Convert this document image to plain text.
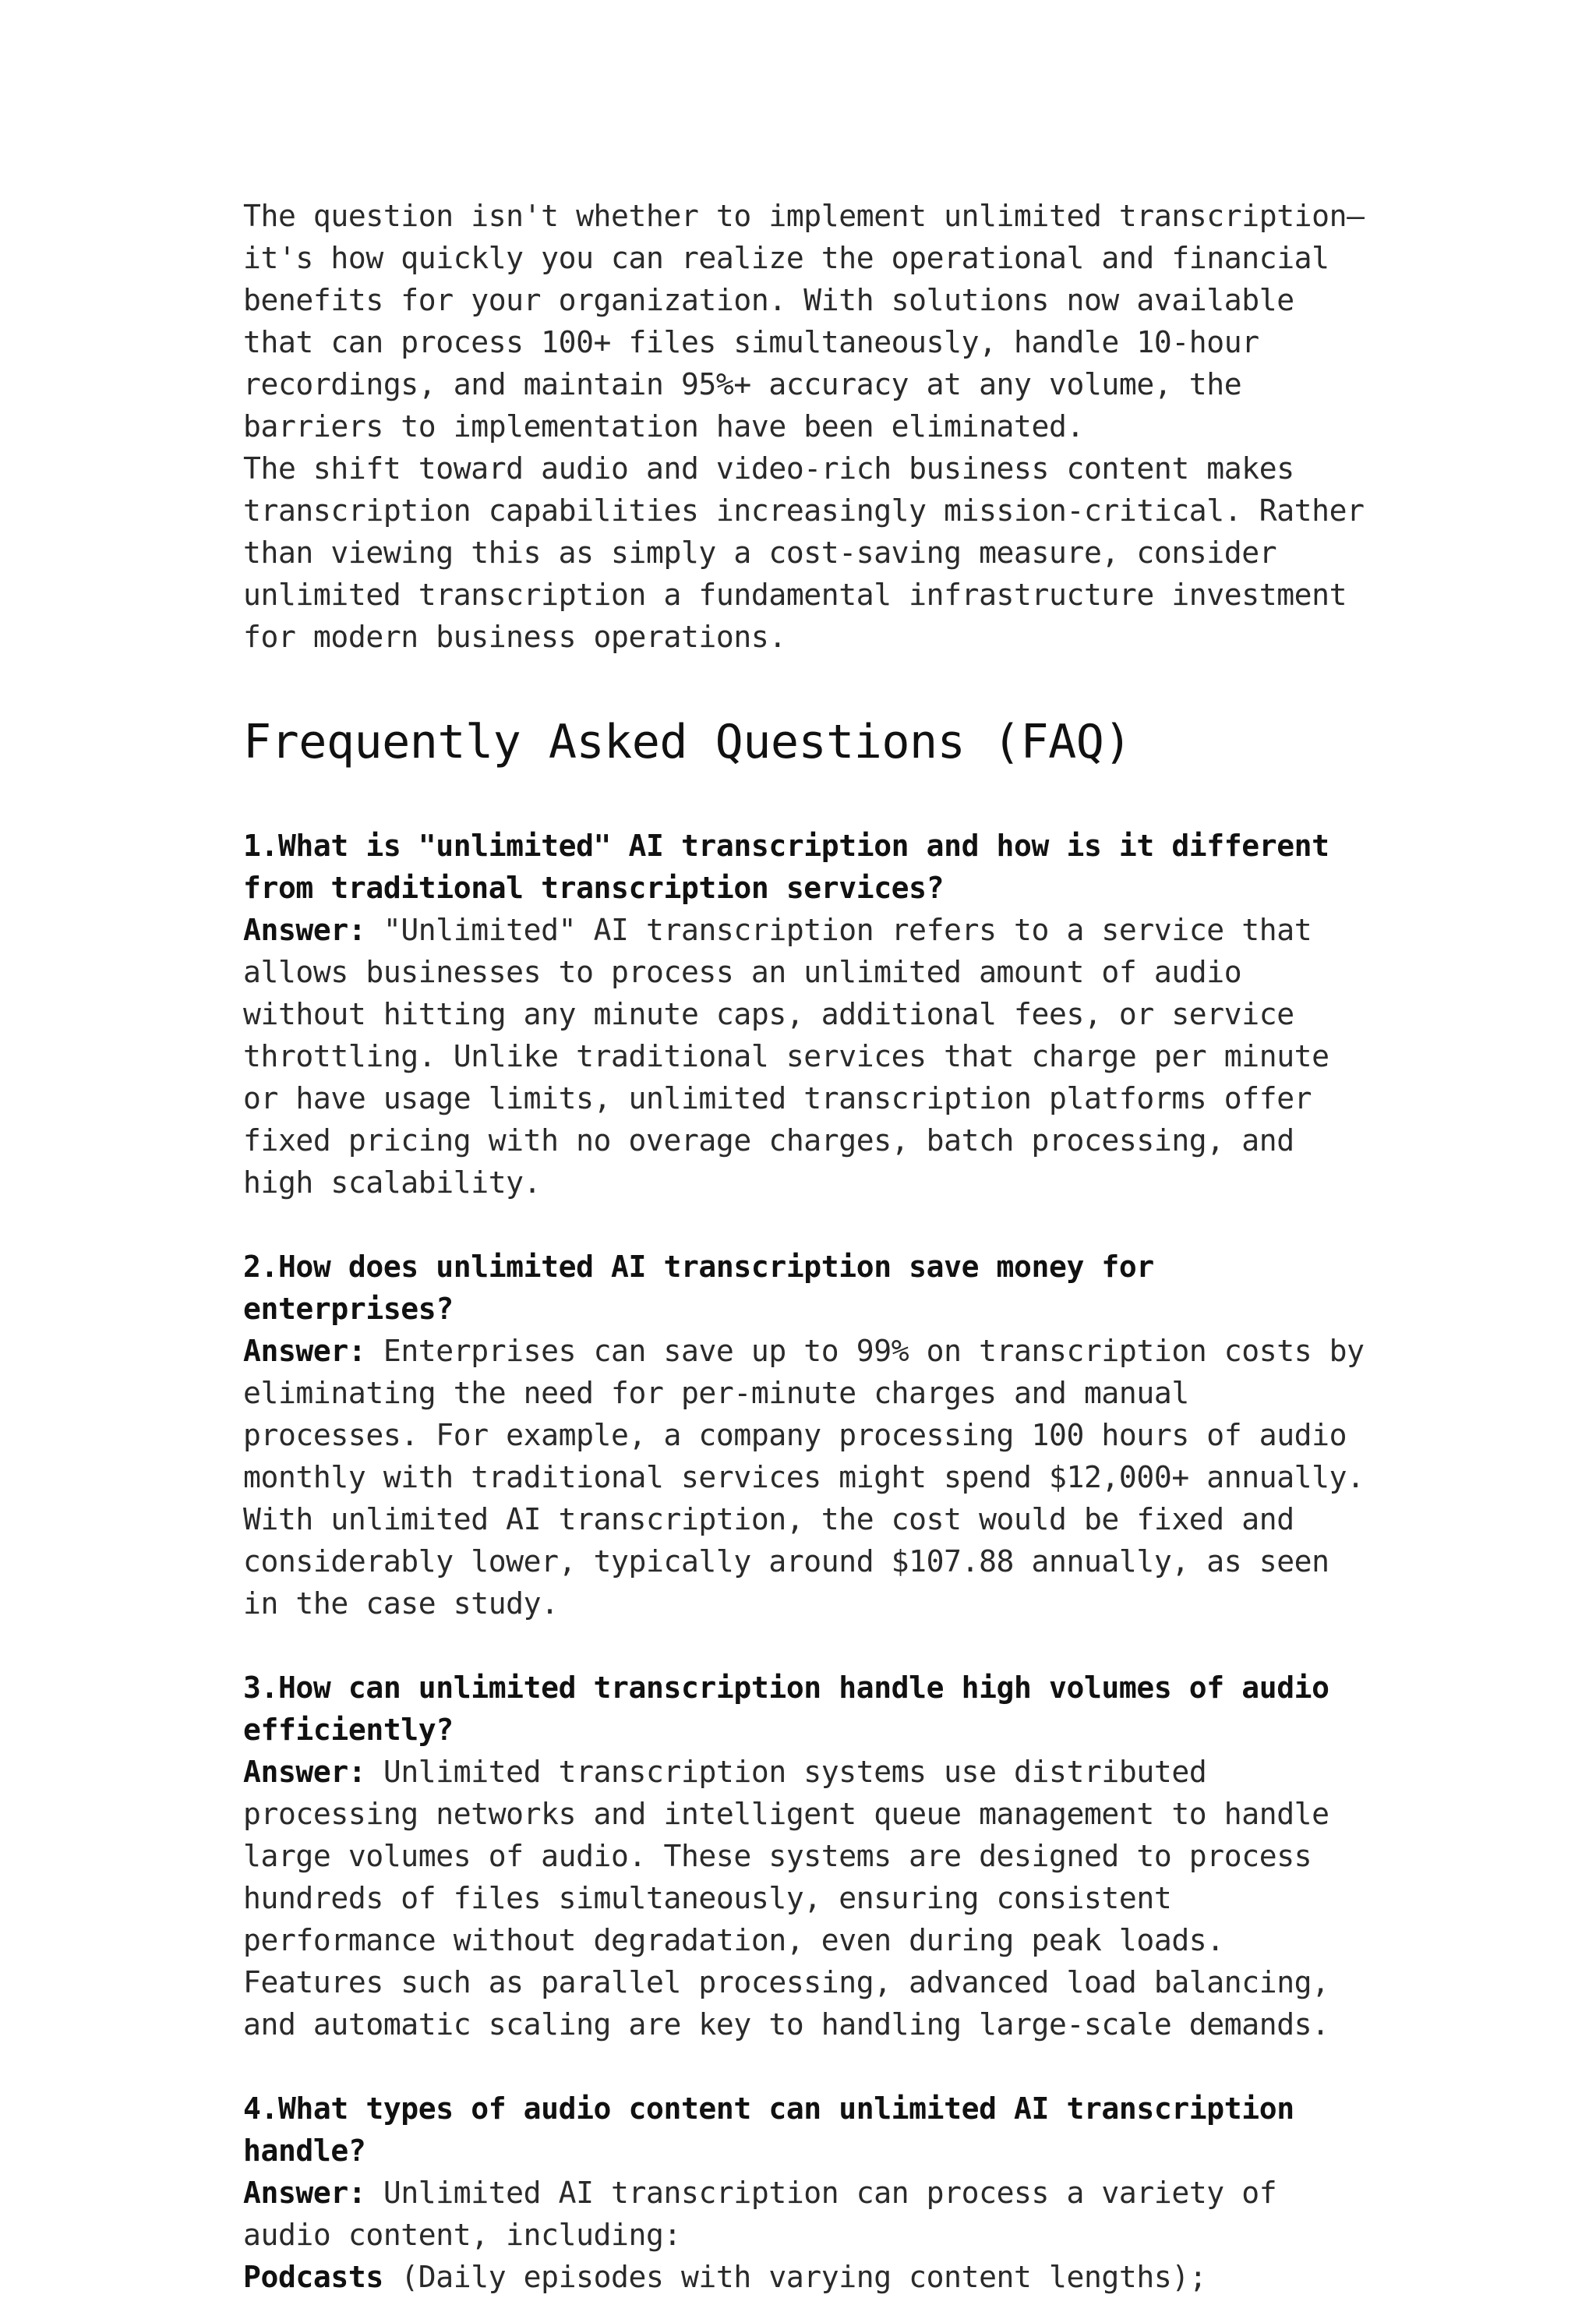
The question isn't whether to implement unlimited transcription—it's how quickly you can realize the operational and financial benefits for your organization. With solutions now available that can process 100+ files simultaneously, handle 10-hour recordings, and maintain 95%+ accuracy at any volume, the barriers to implementation have been eliminated.

The shift toward audio and video-rich business content makes transcription capabilities increasingly mission-critical. Rather than viewing this as simply a cost-saving measure, consider unlimited transcription a fundamental infrastructure investment for modern business operations.

Frequently Asked Questions (FAQ)

1.What is "unlimited" AI transcription and how is it different from traditional transcription services?

Answer: "Unlimited" AI transcription refers to a service that allows businesses to process an unlimited amount of audio without hitting any minute caps, additional fees, or service throttling. Unlike traditional services that charge per minute or have usage limits, unlimited transcription platforms offer fixed pricing with no overage charges, batch processing, and high scalability.

2.How does unlimited AI transcription save money for enterprises?

Answer: Enterprises can save up to 99% on transcription costs by eliminating the need for per-minute charges and manual processes. For example, a company processing 100 hours of audio monthly with traditional services might spend $12,000+ annually. With unlimited AI transcription, the cost would be fixed and considerably lower, typically around $107.88 annually, as seen in the case study.

3.How can unlimited transcription handle high volumes of audio efficiently?

Answer: Unlimited transcription systems use distributed processing networks and intelligent queue management to handle large volumes of audio. These systems are designed to process hundreds of files simultaneously, ensuring consistent performance without degradation, even during peak loads. Features such as parallel processing, advanced load balancing, and automatic scaling are key to handling large-scale demands.

4.What types of audio content can unlimited AI transcription handle?

Answer: Unlimited AI transcription can process a variety of audio content, including:

Podcasts (Daily episodes with varying content lengths);
